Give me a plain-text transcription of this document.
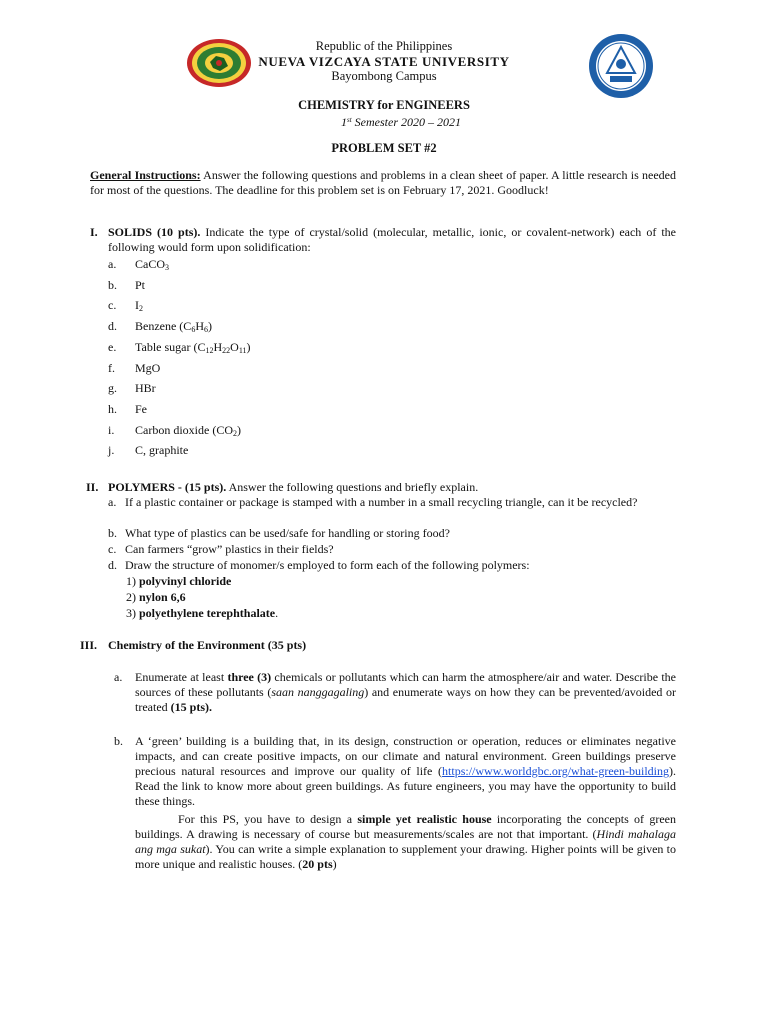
Republic of the Philippines
NUEVA VIZCAYA STATE UNIVERSITY
Bayombong Campus
CHEMISTRY for ENGINEERS
1st Semester 2020 – 2021
PROBLEM SET #2
General Instructions: Answer the following questions and problems in a clean sheet of paper. A little research is needed for most of the questions. The deadline for this problem set is on February 17, 2021. Goodluck!
I. SOLIDS (10 pts). Indicate the type of crystal/solid (molecular, metallic, ionic, or covalent-network) each of the following would form upon solidification:
a. CaCO$_3$
b. Pt
c. $I_2$
d. Benzene $(C_6H_6)$
e. Table sugar $(C_{12}H_{22}O_{11})$
f. MgO
g. HBr
h. Fe
i. Carbon dioxide $(CO_2)$
j. C, graphite
II. POLYMERS - (15 pts). Answer the following questions and briefly explain.
a. If a plastic container or package is stamped with a number in a small recycling triangle, can it be recycled?
b. What type of plastics can be used/safe for handling or storing food?
c. Can farmers “grow” plastics in their fields?
d. Draw the structure of monomer/s employed to form each of the following polymers:
1) polyvinyl chloride
2) nylon 6,6
3) polyethylene terephthalate.
III. Chemistry of the Environment (35 pts)
a. Enumerate at least three (3) chemicals or pollutants which can harm the atmosphere/air and water. Describe the sources of these pollutants (saan nanggagaling) and enumerate ways on how they can be prevented/avoided or treated (15 pts).
b. A ‘green’ building is a building that, in its design, construction or operation, reduces or eliminates negative impacts, and can create positive impacts, on our climate and natural environment. Green buildings preserve precious natural resources and improve our quality of life (https://www.worldgbc.org/what-green-building). Read the link to know more about green buildings. As future engineers, you may have the opportunity to build these things.
For this PS, you have to design a simple yet realistic house incorporating the concepts of green buildings. A drawing is necessary of course but measurements/scales are not that important. (Hindi mahalaga ang mga sukat). You can write a simple explanation to supplement your drawing. Higher points will be given to more unique and realistic houses. (20 pts)
